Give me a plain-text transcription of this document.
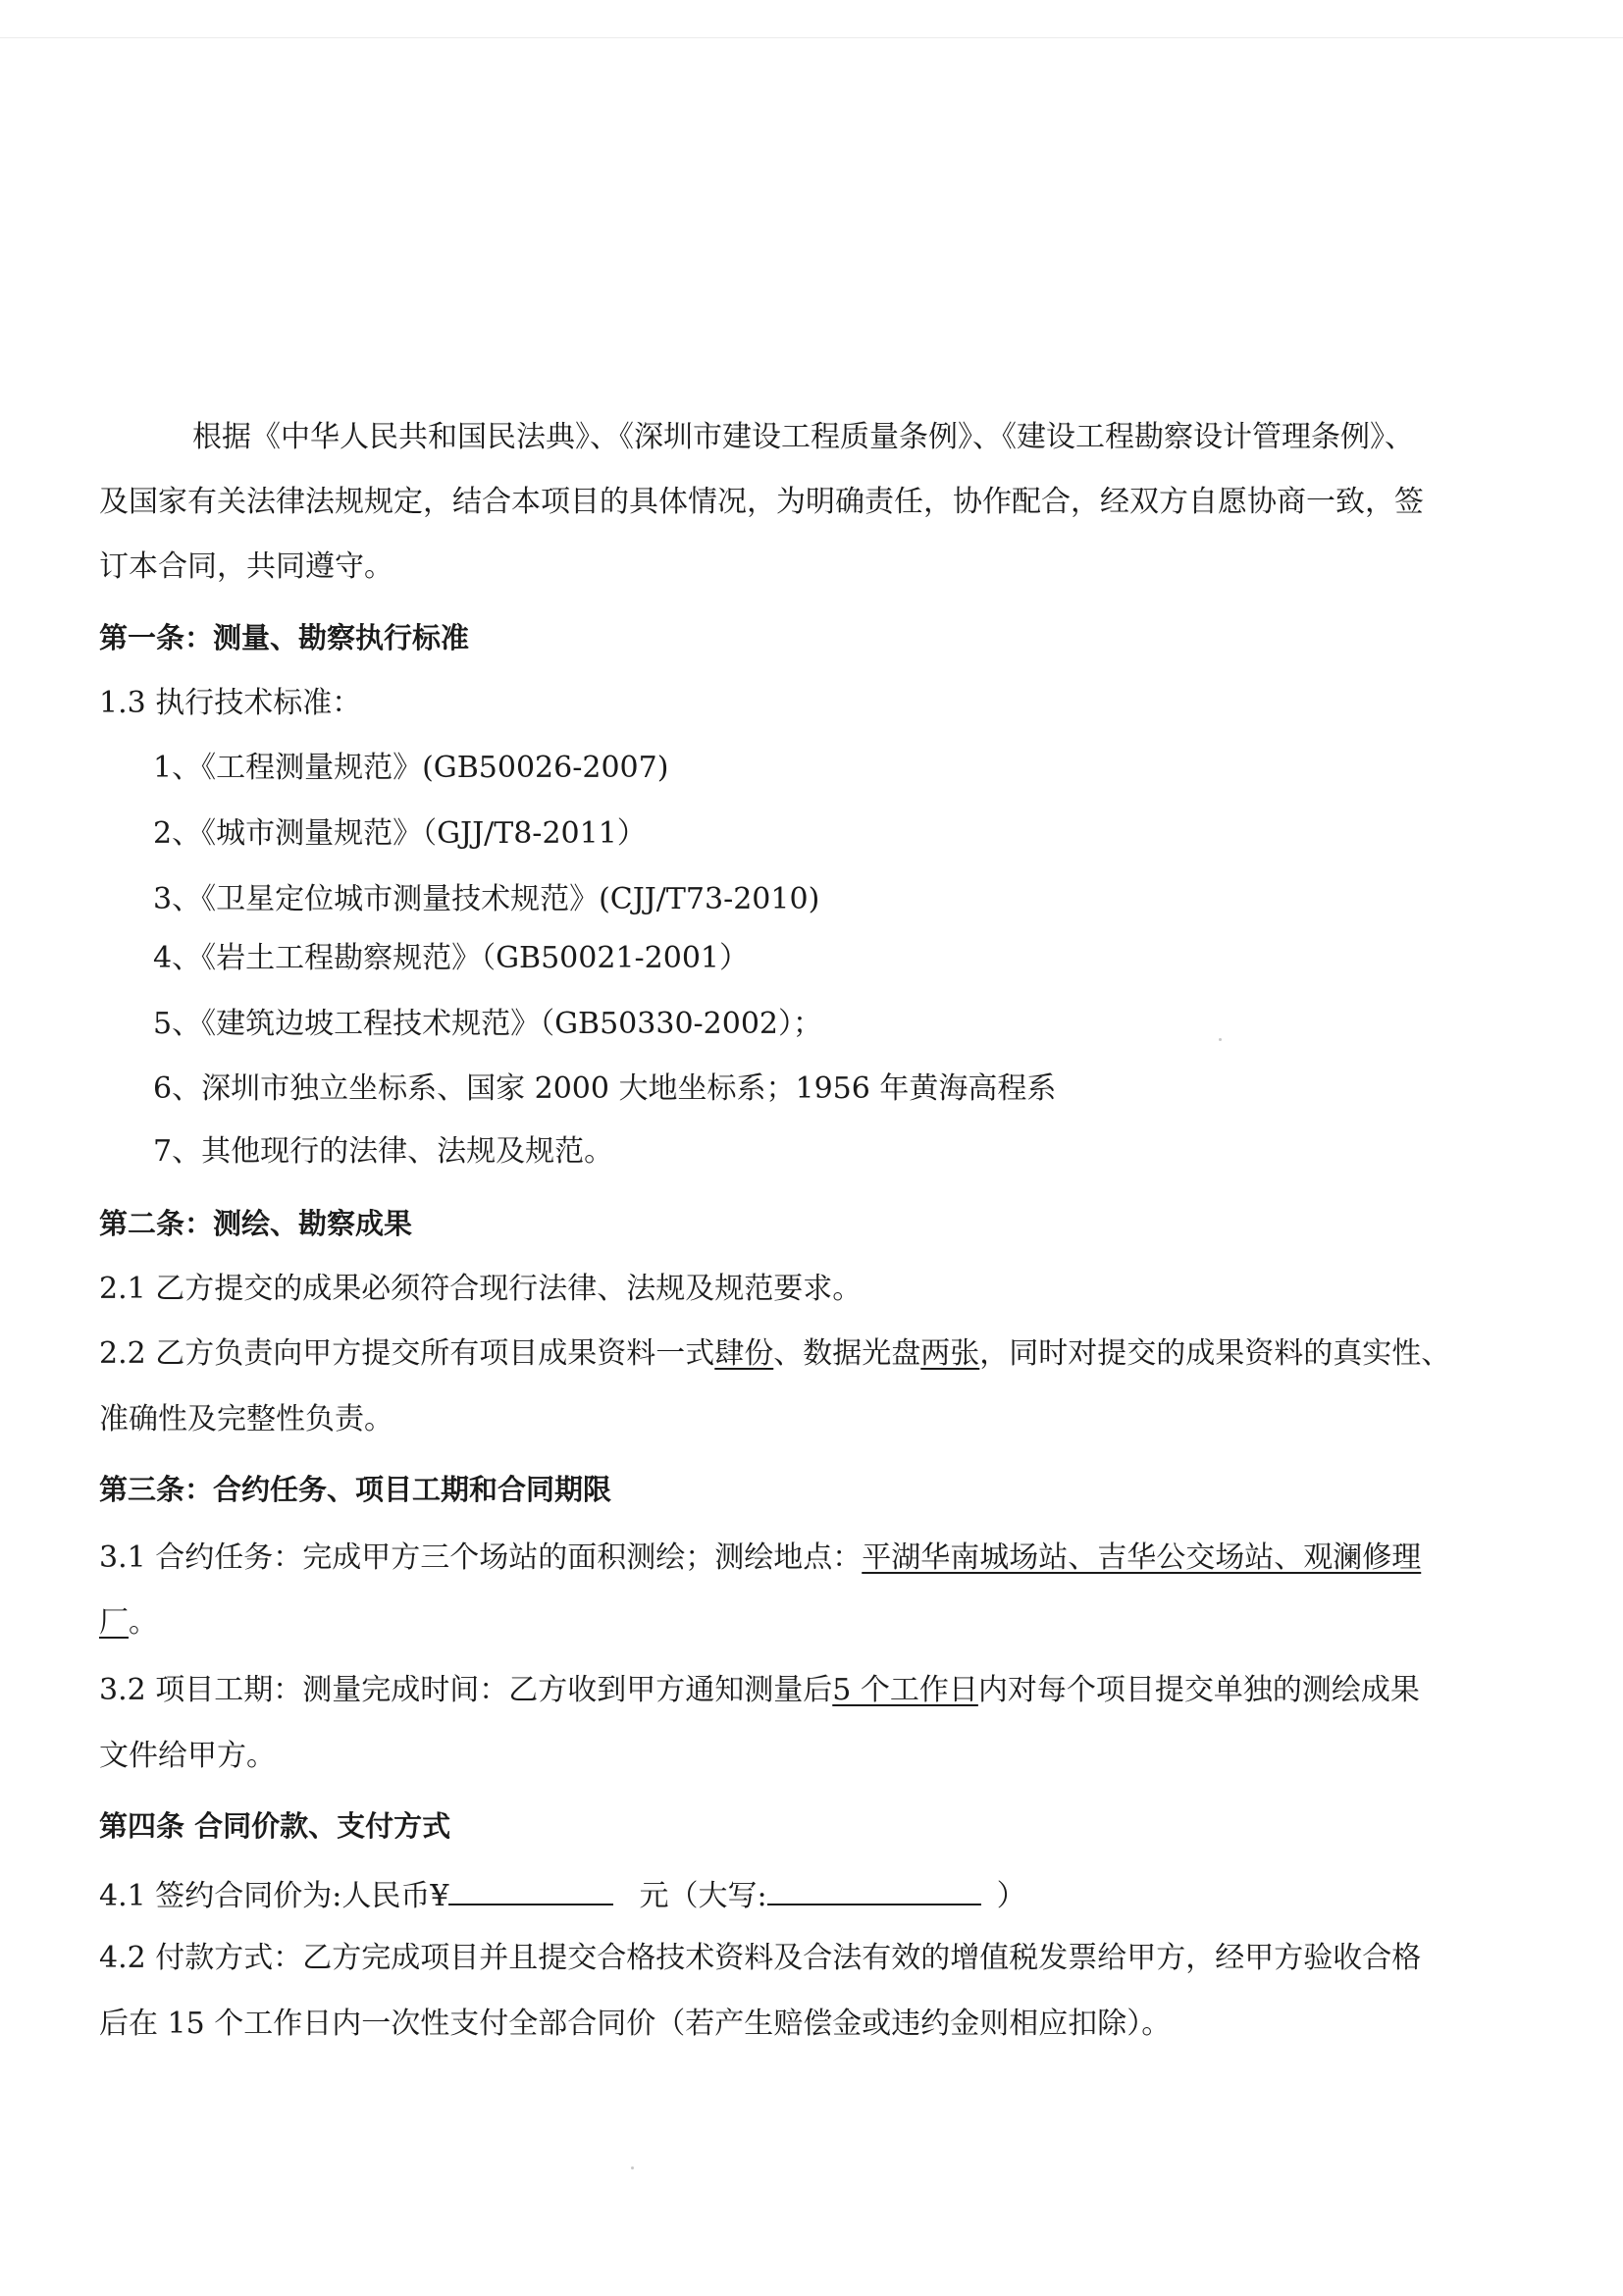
根据《中华人民共和国民法典》、《深圳市建设工程质量条例》、《建设工程勘察设计管理条例》、
及国家有关法律法规规定，结合本项目的具体情况，为明确责任，协作配合，经双方自愿协商一致，签
订本合同，共同遵守。
第一条：测量、勘察执行标准
1.3 执行技术标准：
1、《工程测量规范》(GB50026-2007)
2、《城市测量规范》（GJJ/T8-2011）
3、《卫星定位城市测量技术规范》(CJJ/T73-2010)
4、《岩土工程勘察规范》（GB50021-2001）
5、《建筑边坡工程技术规范》（GB50330-2002）；
6、深圳市独立坐标系、国家 2000 大地坐标系；1956 年黄海高程系
7、其他现行的法律、法规及规范。
第二条：测绘、勘察成果
2.1 乙方提交的成果必须符合现行法律、法规及规范要求。
2.2 乙方负责向甲方提交所有项目成果资料一式肆份、数据光盘两张，同时对提交的成果资料的真实性、
准确性及完整性负责。
第三条：合约任务、项目工期和合同期限
3.1 合约任务：完成甲方三个场站的面积测绘；测绘地点：平湖华南城场站、吉华公交场站、观澜修理
厂。
3.2 项目工期：测量完成时间：乙方收到甲方通知测量后5 个工作日内对每个项目提交单独的测绘成果
文件给甲方。
第四条 合同价款、支付方式
4.1 签约合同价为:人民币¥	元（大写:	）
4.2 付款方式：乙方完成项目并且提交合格技术资料及合法有效的增值税发票给甲方，经甲方验收合格
后在 15 个工作日内一次性支付全部合同价（若产生赔偿金或违约金则相应扣除）。
